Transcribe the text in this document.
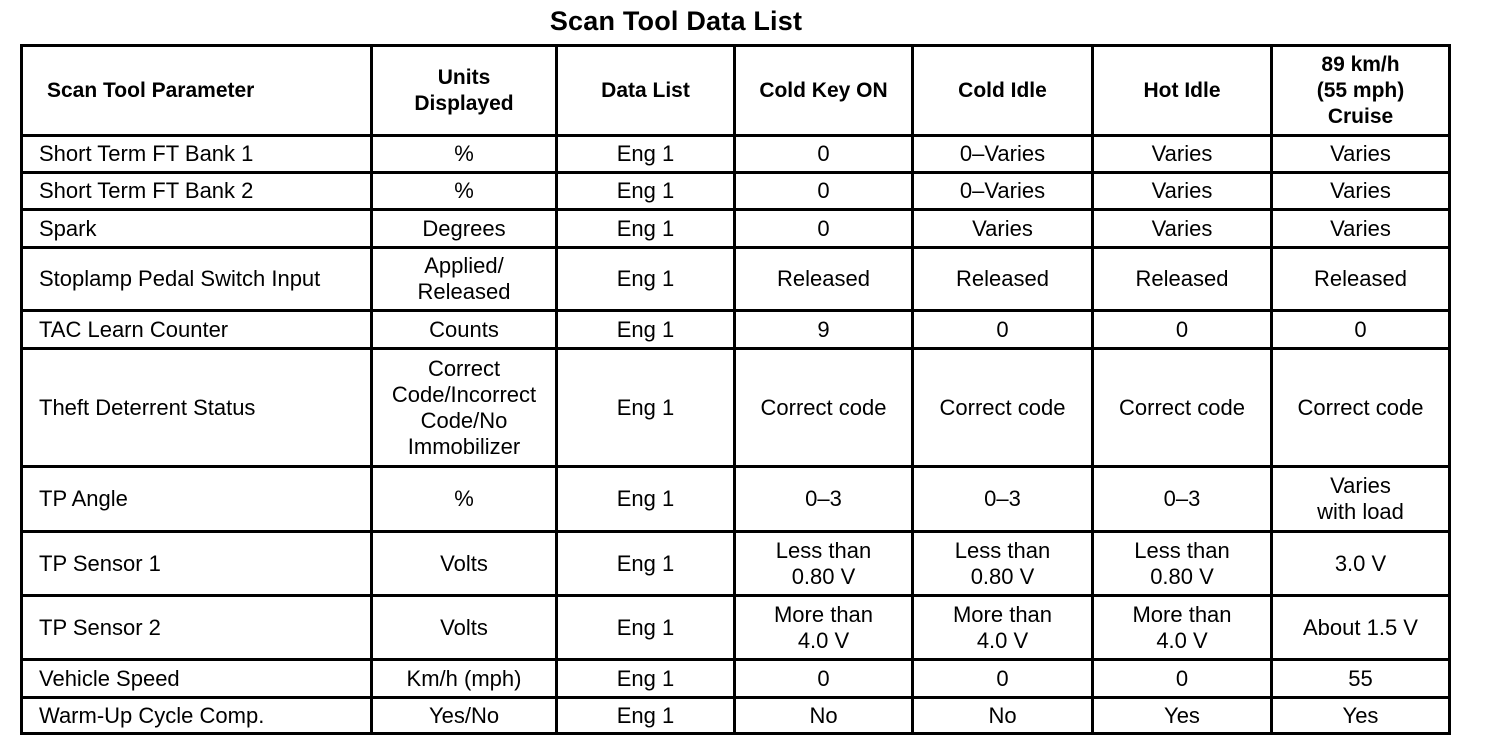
Scan Tool Data List
Scan Tool Parameter	Units
Displayed	Data List	Cold Key ON	Cold Idle	Hot Idle	89 km/h
(55 mph)
Cruise
Short Term FT Bank 1	%	Eng 1	0	0–Varies	Varies	Varies
Short Term FT Bank 2	%	Eng 1	0	0–Varies	Varies	Varies
Spark	Degrees	Eng 1	0	Varies	Varies	Varies
Stoplamp Pedal Switch Input	Applied/
Released	Eng 1	Released	Released	Released	Released
TAC Learn Counter	Counts	Eng 1	9	0	0	0
Theft Deterrent Status	Correct
Code/Incorrect
Code/No
Immobilizer	Eng 1	Correct code	Correct code	Correct code	Correct code
TP Angle	%	Eng 1	0–3	0–3	0–3	Varies
with load
TP Sensor 1	Volts	Eng 1	Less than
0.80 V	Less than
0.80 V	Less than
0.80 V	3.0 V
TP Sensor 2	Volts	Eng 1	More than
4.0 V	More than
4.0 V	More than
4.0 V	About 1.5 V
Vehicle Speed	Km/h (mph)	Eng 1	0	0	0	55
Warm-Up Cycle Comp.	Yes/No	Eng 1	No	No	Yes	Yes
